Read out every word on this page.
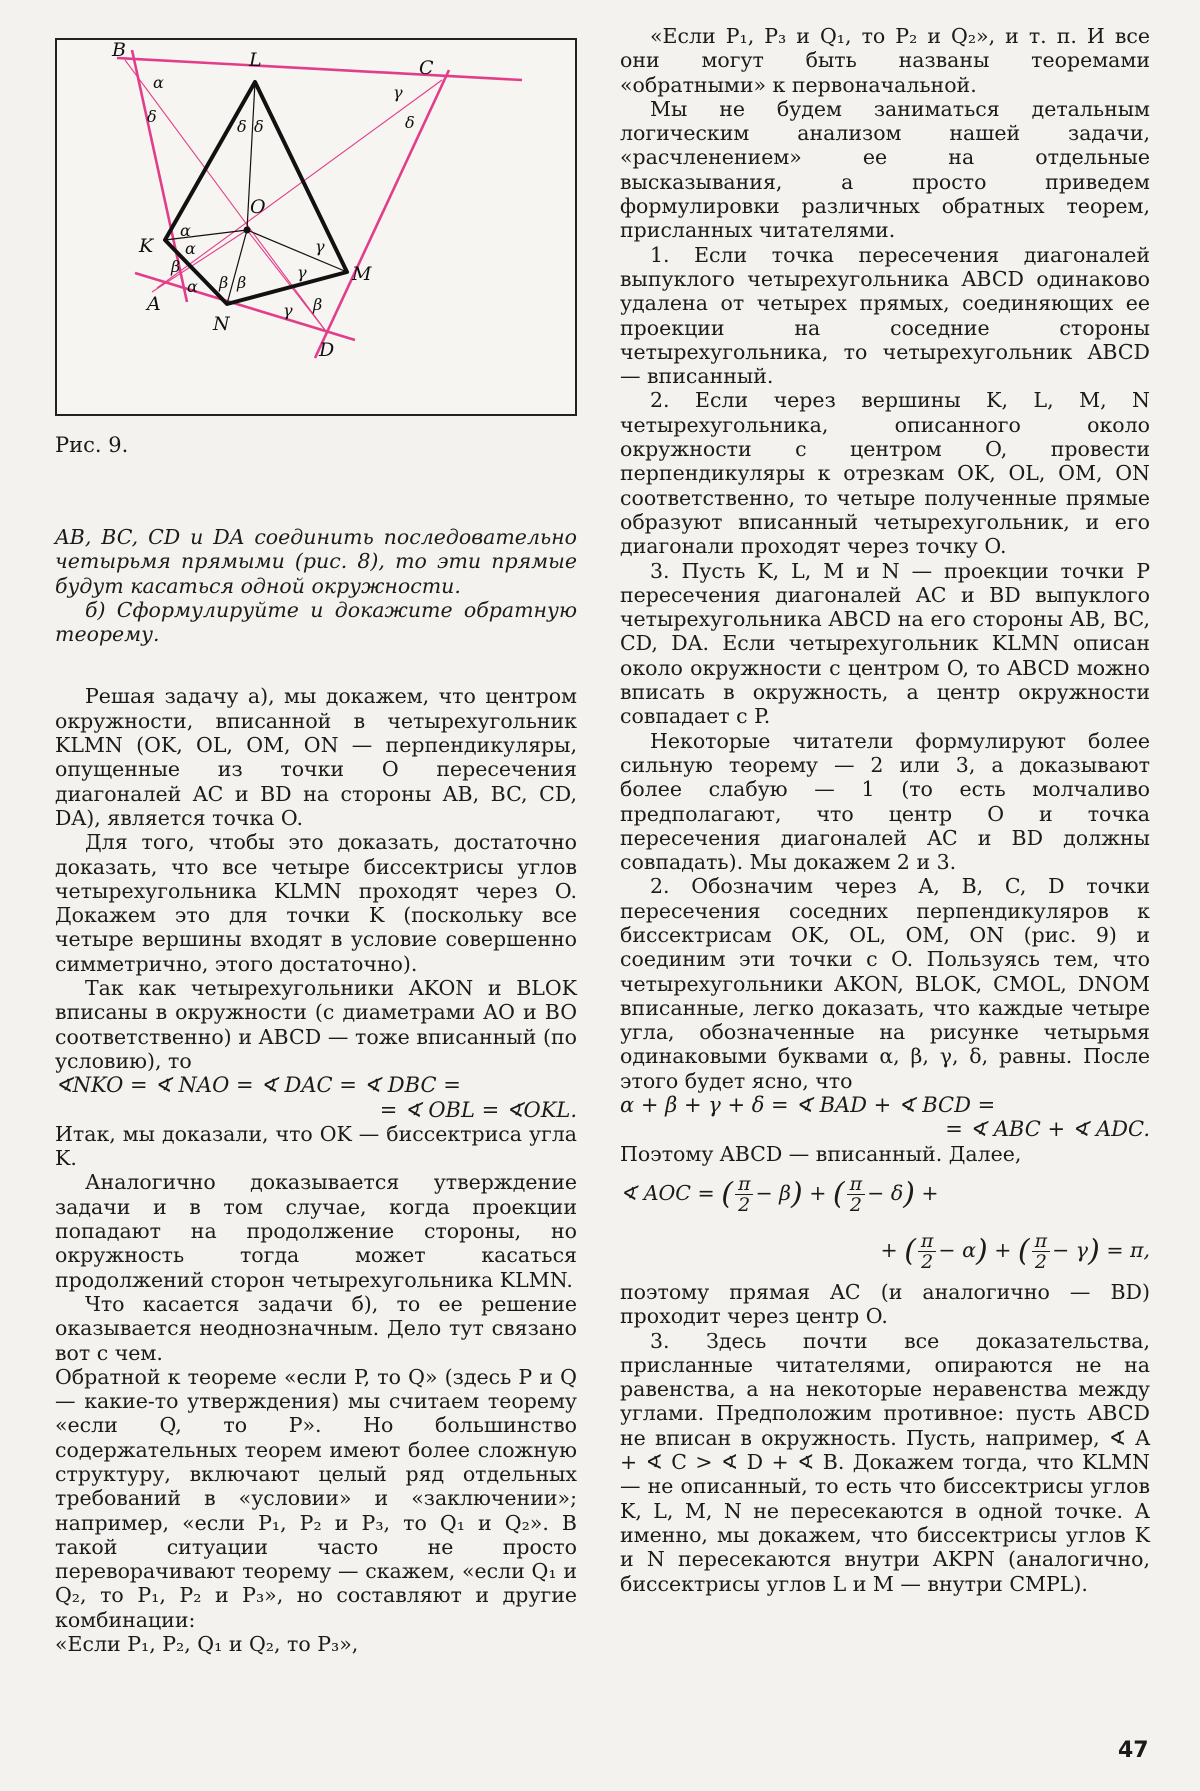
B	L	C
O
K
M
A
N
D
α
δ
γ
δ
δ δ
α
α
β
α β β
γ
γ
γ β
Рис. 9.

AB, BC, CD и DA соединить последовательно четырьмя прямыми (рис. 8), то эти прямые будут касаться одной окружности.

б) Сформулируйте и докажите обратную теорему.

Решая задачу а), мы докажем, что центром окружности, вписанной в четырехугольник KLMN (OK, OL, OM, ON — перпендикуляры, опущенные из точки O пересечения диагоналей AC и BD на стороны AB, BC, CD, DA), является точка O.

Для того, чтобы это доказать, достаточно доказать, что все четыре биссектрисы углов четырехугольника KLMN проходят через O. Докажем это для точки K (поскольку все четыре вершины входят в условие совершенно симметрично, этого достаточно).

Так как четырехугольники AKON и BLOK вписаны в окружности (с диаметрами AO и BO соответственно) и ABCD — тоже вписанный (по условию), то

∢NKO = ∢ NAO = ∢ DAC = ∢ DBC =

= ∢ OBL = ∢OKL.

Итак, мы доказали, что OK — биссектриса угла K.

Аналогично доказывается утверждение задачи и в том случае, когда проекции попадают на продолжение стороны, но окружность тогда может касаться продолжений сторон четырехугольника KLMN.

Что касается задачи б), то ее решение оказывается неоднозначным. Дело тут связано вот с чем.

Обратной к теореме «если P, то Q» (здесь P и Q — какие-то утверждения) мы считаем теорему «если Q, то P». Но большинство содержательных теорем имеют более сложную структуру, включают целый ряд отдельных требований в «условии» и «заключении»; например, «если P₁, P₂ и P₃, то Q₁ и Q₂». В такой ситуации часто не просто переворачивают теорему — скажем, «если Q₁ и Q₂, то P₁, P₂ и P₃», но составляют и другие комбинации:

«Если P₁, P₂, Q₁ и Q₂, то P₃»,

«Если P₁, P₃ и Q₁, то P₂ и Q₂», и т. п. И все они могут быть названы теоремами «обратными» к первоначальной.

Мы не будем заниматься детальным логическим анализом нашей задачи, «расчленением» ее на отдельные высказывания, а просто приведем формулировки различных обратных теорем, присланных читателями.

1. Если точка пересечения диагоналей выпуклого четырехугольника ABCD одинаково удалена от четырех прямых, соединяющих ее проекции на соседние стороны четырехугольника, то четырехугольник ABCD — вписанный.

2. Если через вершины K, L, M, N четырехугольника, описанного около окружности с центром O, провести перпендикуляры к отрезкам OK, OL, OM, ON соответственно, то четыре полученные прямые образуют вписанный четырехугольник, и его диагонали проходят через точку O.

3. Пусть K, L, M и N — проекции точки P пересечения диагоналей AC и BD выпуклого четырехугольника ABCD на его стороны AB, BC, CD, DA. Если четырехугольник KLMN описан около окружности с центром O, то ABCD можно вписать в окружность, а центр окружности совпадает с P.

Некоторые читатели формулируют более сильную теорему — 2 или 3, а доказывают более слабую — 1 (то есть молчаливо предполагают, что центр O и точка пересечения диагоналей AC и BD должны совпадать). Мы докажем 2 и 3.

2. Обозначим через A, B, C, D точки пересечения соседних перпендикуляров к биссектрисам OK, OL, OM, ON (рис. 9) и соединим эти точки с O. Пользуясь тем, что четырехугольники AKON, BLOK, CMOL, DNOM вписанные, легко доказать, что каждые четыре угла, обозначенные на рисунке четырьмя одинаковыми буквами α, β, γ, δ, равны. После этого будет ясно, что

α + β + γ + δ = ∢ BAD + ∢ BCD =

= ∢ ABC + ∢ ADC.

Поэтому ABCD — вписанный. Далее,

∢ AOC = ( $\frac{\pi}{2} - \beta$) + ( $\frac{\pi}{2} - \delta$) +
+ ( $\frac{\pi}{2} - \alpha$) + ( $\frac{\pi}{2} - \gamma) = \pi$,

поэтому прямая AC (и аналогично — BD) проходит через центр O.

3. Здесь почти все доказательства, присланные читателями, опираются не на равенства, а на некоторые неравенства между углами. Предположим противное: пусть ABCD не вписан в окружность. Пусть, например, ∢ A + ∢ C > ∢ D + ∢ B. Докажем тогда, что KLMN — не описанный, то есть что биссектрисы углов K, L, M, N не пересекаются в одной точке. А именно, мы докажем, что биссектрисы углов K и N пересекаются внутри AKPN (аналогично, биссектрисы углов L и M — внутри CMPL).

47
